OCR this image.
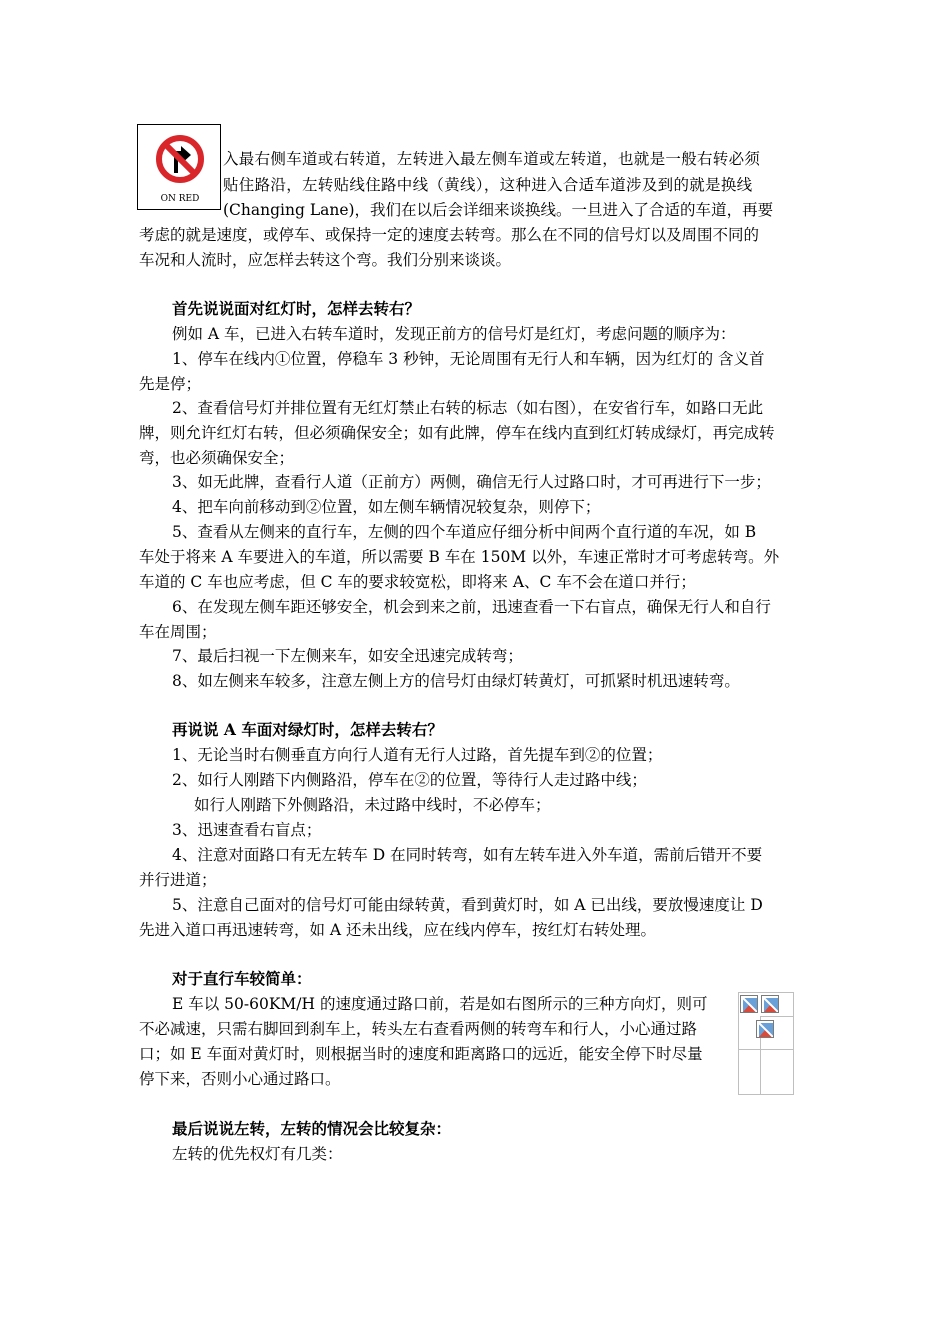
ON RED
入最右侧车道或右转道，左转进入最左侧车道或左转道，也就是一般右转必须
贴住路沿，左转贴线住路中线（黄线），这种进入合适车道涉及到的就是换线
(Changing Lane)，我们在以后会详细来谈换线。一旦进入了合适的车道，再要
考虑的就是速度，或停车、或保持一定的速度去转弯。那么在不同的信号灯以及周围不同的
车况和人流时，应怎样去转这个弯。我们分别来谈谈。
首先说说面对红灯时，怎样去转右？
例如 A 车，已进入右转车道时，发现正前方的信号灯是红灯，考虑问题的顺序为：
1、停车在线内①位置，停稳车 3 秒钟，无论周围有无行人和车辆，因为红灯的 含义首
先是停；
2、查看信号灯并排位置有无红灯禁止右转的标志（如右图），在安省行车，如路口无此
牌，则允许红灯右转，但必须确保安全；如有此牌，停车在线内直到红灯转成绿灯，再完成转
弯，也必须确保安全；
3、如无此牌，查看行人道（正前方）两侧，确信无行人过路口时，才可再进行下一步；
4、把车向前移动到②位置，如左侧车辆情况较复杂，则停下；
5、查看从左侧来的直行车，左侧的四个车道应仔细分析中间两个直行道的车况，如 B
车处于将来 A 车要进入的车道，所以需要 B 车在 150M 以外，车速正常时才可考虑转弯。外
车道的 C 车也应考虑，但 C 车的要求较宽松，即将来 A、C 车不会在道口并行；
6、在发现左侧车距还够安全，机会到来之前，迅速查看一下右盲点，确保无行人和自行
车在周围；
7、最后扫视一下左侧来车，如安全迅速完成转弯；
8、如左侧来车较多，注意左侧上方的信号灯由绿灯转黄灯，可抓紧时机迅速转弯。
再说说 A 车面对绿灯时，怎样去转右？
1、无论当时右侧垂直方向行人道有无行人过路，首先提车到②的位置；
2、如行人刚踏下内侧路沿，停车在②的位置，等待行人走过路中线；
如行人刚踏下外侧路沿，未过路中线时，不必停车；
3、迅速查看右盲点；
4、注意对面路口有无左转车 D 在同时转弯，如有左转车进入外车道，需前后错开不要
并行进道；
5、注意自己面对的信号灯可能由绿转黄，看到黄灯时，如 A 已出线，要放慢速度让 D
先进入道口再迅速转弯，如 A 还未出线，应在线内停车，按红灯右转处理。
对于直行车较简单：
E 车以 50-60KM/H 的速度通过路口前，若是如右图所示的三种方向灯，则可
不必减速，只需右脚回到刹车上，转头左右查看两侧的转弯车和行人，小心通过路
口；如 E 车面对黄灯时，则根据当时的速度和距离路口的远近，能安全停下时尽量
停下来，否则小心通过路口。
最后说说左转，左转的情况会比较复杂：
左转的优先权灯有几类：
